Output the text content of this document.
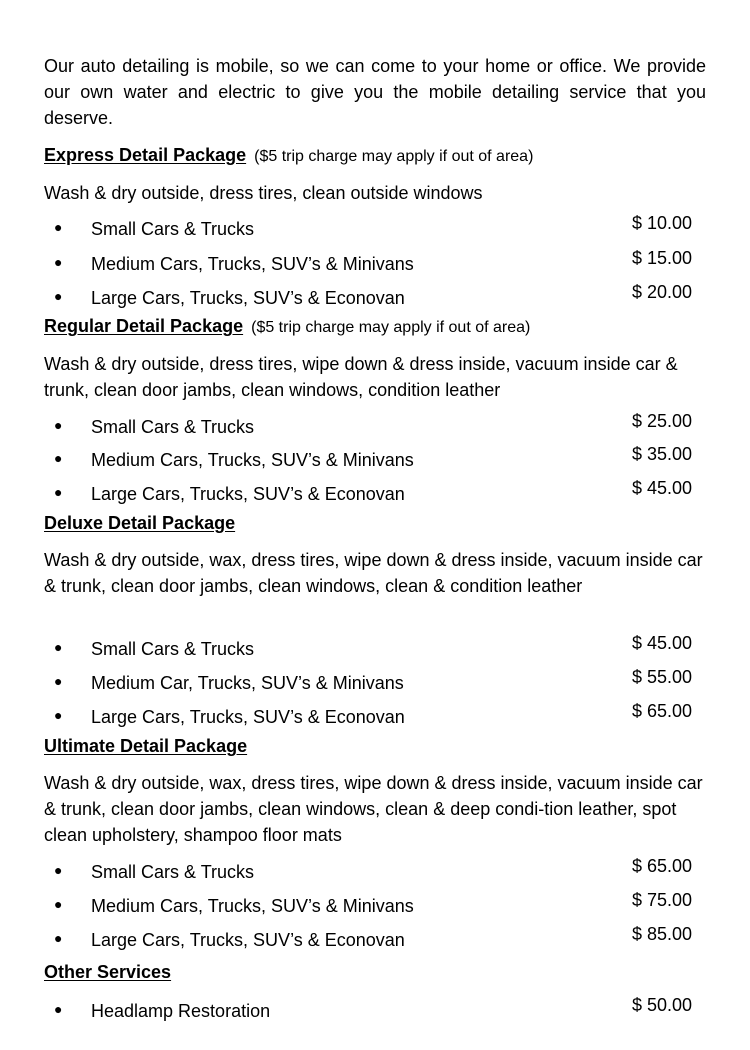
Our auto detailing is mobile, so we can come to your home or office. We provide our own water and electric to give you the mobile detailing service that you deserve.

Express Detail Package ($5 trip charge may apply if out of area)

Wash & dry outside, dress tires, clean outside windows

● Small Cars & Trucks	$ 10.00
● Medium Cars, Trucks, SUV’s & Minivans	$ 15.00
● Large Cars, Trucks, SUV’s & Econovan	$ 20.00
Regular Detail Package ($5 trip charge may apply if out of area)

Wash & dry outside, dress tires, wipe down & dress inside, vacuum inside car & trunk, clean door jambs, clean windows, condition leather

● Small Cars & Trucks	$ 25.00
● Medium Cars, Trucks, SUV’s & Minivans	$ 35.00
● Large Cars, Trucks, SUV’s & Econovan	$ 45.00
Deluxe Detail Package

Wash & dry outside, wax, dress tires, wipe down & dress inside, vacuum inside car & trunk, clean door jambs, clean windows, clean & condition leather

● Small Cars & Trucks	$ 45.00
● Medium Car, Trucks, SUV’s & Minivans	$ 55.00
● Large Cars, Trucks, SUV’s & Econovan	$ 65.00
Ultimate Detail Package

Wash & dry outside, wax, dress tires, wipe down & dress inside, vacuum inside car & trunk, clean door jambs, clean windows, clean & deep condi-tion leather, spot clean upholstery, shampoo floor mats

● Small Cars & Trucks	$ 65.00
● Medium Cars, Trucks, SUV’s & Minivans	$ 75.00
● Large Cars, Trucks, SUV’s & Econovan	$ 85.00
Other Services
● Headlamp Restoration	$ 50.00
